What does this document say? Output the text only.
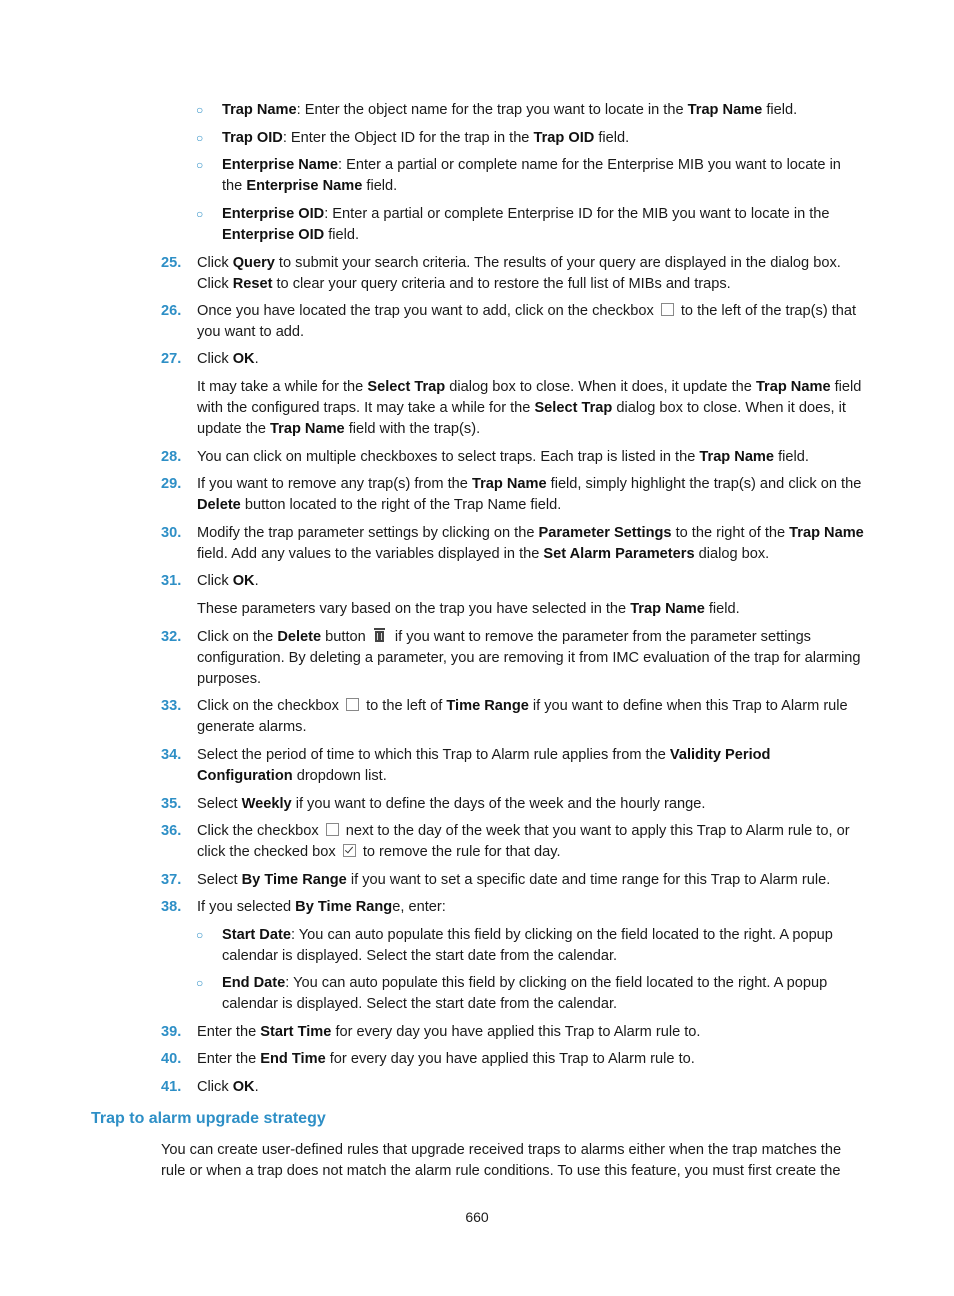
○ Trap Name: Enter the object name for the trap you want to locate in the Trap Name field.
○ Trap OID: Enter the Object ID for the trap in the Trap OID field.
○ Enterprise Name: Enter a partial or complete name for the Enterprise MIB you want to locate in the Enterprise Name field.
○ Enterprise OID: Enter a partial or complete Enterprise ID for the MIB you want to locate in the Enterprise OID field.
25. Click Query to submit your search criteria. The results of your query are displayed in the dialog box. Click Reset to clear your query criteria and to restore the full list of MIBs and traps.
26. Once you have located the trap you want to add, click on the checkbox  to the left of the trap(s) that you want to add.
27. Click OK.
It may take a while for the Select Trap dialog box to close. When it does, it update the Trap Name field with the configured traps. It may take a while for the Select Trap dialog box to close. When it does, it update the Trap Name field with the trap(s).
28. You can click on multiple checkboxes to select traps. Each trap is listed in the Trap Name field.
29. If you want to remove any trap(s) from the Trap Name field, simply highlight the trap(s) and click on the Delete button located to the right of the Trap Name field.
30. Modify the trap parameter settings by clicking on the Parameter Settings to the right of the Trap Name field. Add any values to the variables displayed in the Set Alarm Parameters dialog box.
31. Click OK.
These parameters vary based on the trap you have selected in the Trap Name field.
32. Click on the Delete button
if you want to remove the parameter from the parameter settings configuration. By deleting a parameter, you are removing it from IMC evaluation of the trap for alarming purposes.
33. Click on the checkbox  to the left of Time Range if you want to define when this Trap to Alarm rule generate alarms.
34. Select the period of time to which this Trap to Alarm rule applies from the Validity Period Configuration dropdown list.
35. Select Weekly if you want to define the days of the week and the hourly range.
36. Click the checkbox  next to the day of the week that you want to apply this Trap to Alarm rule to, or click the checked box  to remove the rule for that day.
37. Select By Time Range if you want to set a specific date and time range for this Trap to Alarm rule.
38. If you selected By Time Range, enter:
○ Start Date: You can auto populate this field by clicking on the field located to the right. A popup calendar is displayed. Select the start date from the calendar.
○ End Date: You can auto populate this field by clicking on the field located to the right. A popup calendar is displayed. Select the start date from the calendar.
39. Enter the Start Time for every day you have applied this Trap to Alarm rule to.
40. Enter the End Time for every day you have applied this Trap to Alarm rule to.
41. Click OK.
Trap to alarm upgrade strategy
You can create user-defined rules that upgrade received traps to alarms either when the trap matches the rule or when a trap does not match the alarm rule conditions. To use this feature, you must first create the
660
